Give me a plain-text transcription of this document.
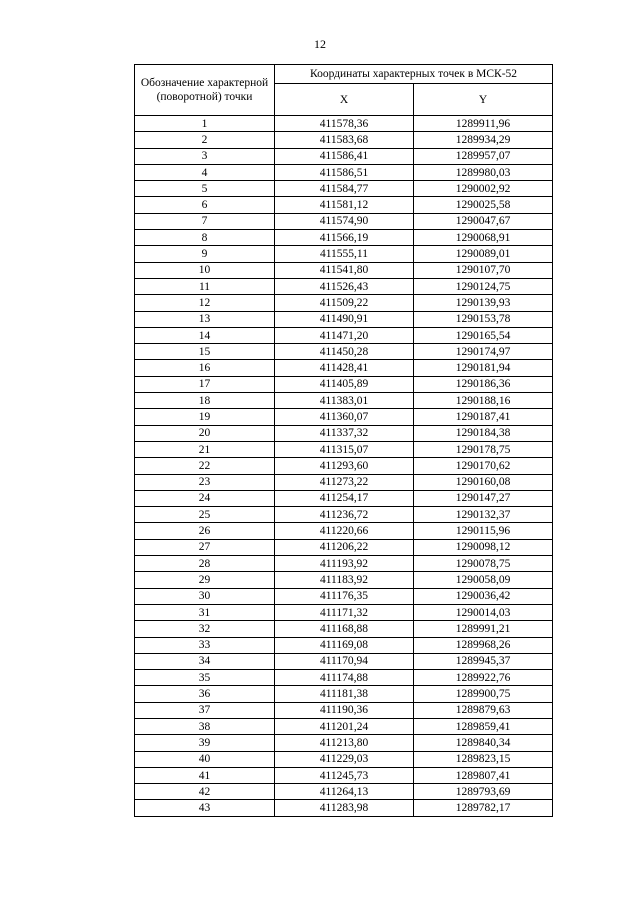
12
Обозначение характерной (поворотной) точки	Координаты характерных точек в МСК-52	
	X	Y
1	411578,36	1289911,96
2	411583,68	1289934,29
3	411586,41	1289957,07
4	411586,51	1289980,03
5	411584,77	1290002,92
6	411581,12	1290025,58
7	411574,90	1290047,67
8	411566,19	1290068,91
9	411555,11	1290089,01
10	411541,80	1290107,70
11	411526,43	1290124,75
12	411509,22	1290139,93
13	411490,91	1290153,78
14	411471,20	1290165,54
15	411450,28	1290174,97
16	411428,41	1290181,94
17	411405,89	1290186,36
18	411383,01	1290188,16
19	411360,07	1290187,41
20	411337,32	1290184,38
21	411315,07	1290178,75
22	411293,60	1290170,62
23	411273,22	1290160,08
24	411254,17	1290147,27
25	411236,72	1290132,37
26	411220,66	1290115,96
27	411206,22	1290098,12
28	411193,92	1290078,75
29	411183,92	1290058,09
30	411176,35	1290036,42
31	411171,32	1290014,03
32	411168,88	1289991,21
33	411169,08	1289968,26
34	411170,94	1289945,37
35	411174,88	1289922,76
36	411181,38	1289900,75
37	411190,36	1289879,63
38	411201,24	1289859,41
39	411213,80	1289840,34
40	411229,03	1289823,15
41	411245,73	1289807,41
42	411264,13	1289793,69
43	411283,98	1289782,17
